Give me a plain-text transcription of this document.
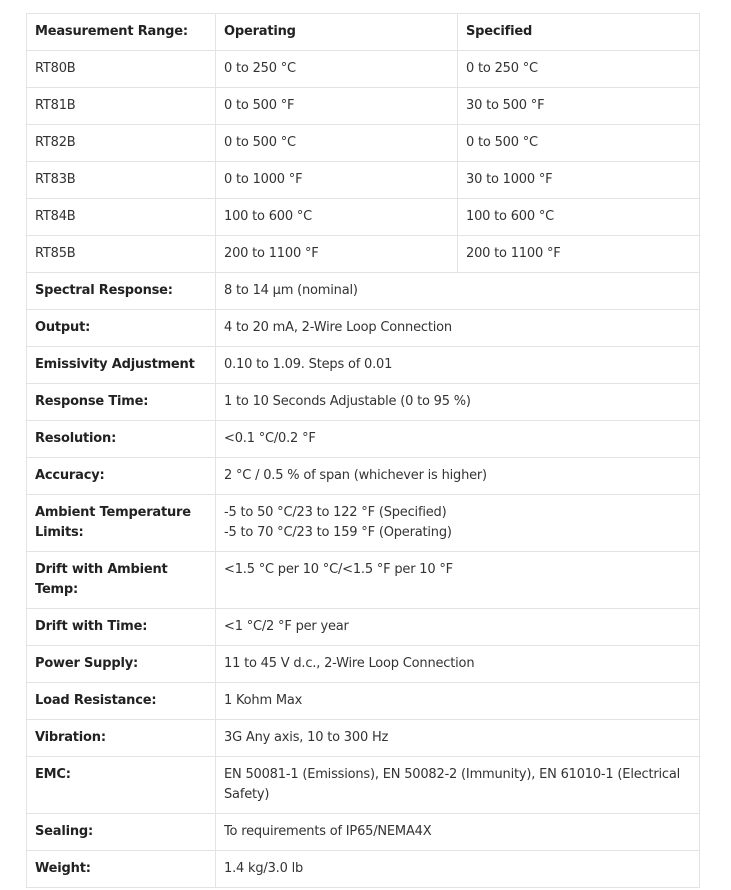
Measurement Range:	Operating	Specified
RT80B	0 to 250 °C	0 to 250 °C
RT81B	0 to 500 °F	30 to 500 °F
RT82B	0 to 500 °C	0 to 500 °C
RT83B	0 to 1000 °F	30 to 1000 °F
RT84B	100 to 600 °C	100 to 600 °C
RT85B	200 to 1100 °F	200 to 1100 °F
Spectral Response:	8 to 14 µm (nominal)	
Output:	4 to 20 mA, 2-Wire Loop Connection	
Emissivity Adjustment	0.10 to 1.09. Steps of 0.01	
Response Time:	1 to 10 Seconds Adjustable (0 to 95 %)	
Resolution:	<0.1 °C/0.2 °F	
Accuracy:	2 °C / 0.5 % of span (whichever is higher)	
Ambient Temperature Limits:	-5 to 50 °C/23 to 122 °F (Specified)
-5 to 70 °C/23 to 159 °F (Operating)	

Drift with Ambient Temp:	<1.5 °C per 10 °C/<1.5 °F per 10 °F	
Drift with Time:	<1 °C/2 °F per year	
Power Supply:	11 to 45 V d.c., 2-Wire Loop Connection	
Load Resistance:	1 Kohm Max	
Vibration:	3G Any axis, 10 to 300 Hz	
EMC:	EN 50081-1 (Emissions), EN 50082-2 (Immunity), EN 61010-1 (Electrical Safety)	
Sealing:	To requirements of IP65/NEMA4X	
Weight:	1.4 kg/3.0 lb	
